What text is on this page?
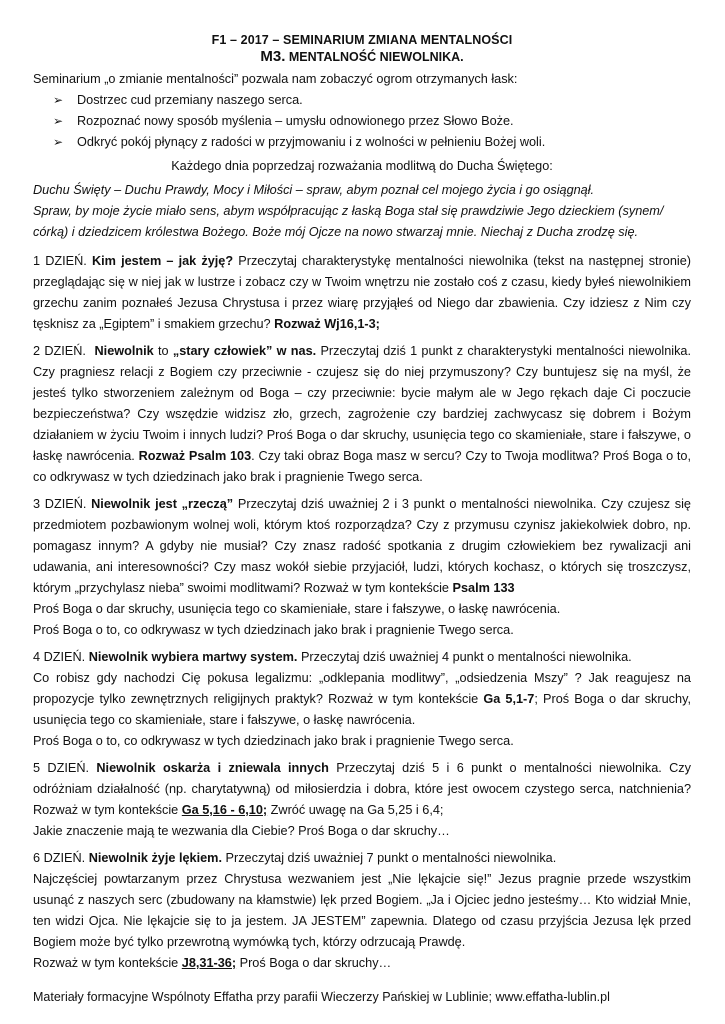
F1 – 2017 – SEMINARIUM ZMIANA MENTALNOŚCI
M3. MENTALNOŚĆ NIEWOLNIKA.
Seminarium „o zmianie mentalności” pozwala nam zobaczyć ogrom otrzymanych łask:
➢	Dostrzec cud przemiany naszego serca.
➢	Rozpoznać nowy sposób myślenia – umysłu odnowionego przez Słowo Boże.
➢	Odkryć pokój płynący z radości w przyjmowaniu i z wolności w pełnieniu Bożej woli.
Każdego dnia poprzedzaj rozważania modlitwą do Ducha Świętego:
Duchu Święty – Duchu Prawdy, Mocy i Miłości – spraw, abym poznał cel mojego życia i go osiągnął.
Spraw, by moje życie miało sens, abym współpracując z łaską Boga stał się prawdziwie Jego dzieckiem (synem/ córką) i dziedzicem królestwa Bożego. Boże mój Ojcze na nowo stwarzaj mnie. Niechaj z Ducha zrodzę się.
1 DZIEŃ. Kim jestem – jak żyję? Przeczytaj charakterystykę mentalności niewolnika (tekst na następnej stronie) przeglądając się w niej jak w lustrze i zobacz czy w Twoim wnętrzu nie zostało coś z czasu, kiedy byłeś niewolnikiem grzechu zanim poznałeś Jezusa Chrystusa i przez wiarę przyjąłeś od Niego dar zbawienia. Czy idziesz z Nim czy tęsknisz za „Egiptem” i smakiem grzechu? Rozważ Wj16,1-3;
2 DZIEŃ. Niewolnik to „stary człowiek” w nas. Przeczytaj dziś 1 punkt z charakterystyki mentalności niewolnika. Czy pragniesz relacji z Bogiem czy przeciwnie - czujesz się do niej przymuszony? Czy buntujesz się na myśl, że jesteś tylko stworzeniem zależnym od Boga – czy przeciwnie: bycie małym ale w Jego rękach daje Ci poczucie bezpieczeństwa? Czy wszędzie widzisz zło, grzech, zagrożenie czy bardziej zachwycasz się dobrem i Bożym działaniem w życiu Twoim i innych ludzi? Proś Boga o dar skruchy, usunięcia tego co skamieniałe, stare i fałszywe, o łaskę nawrócenia. Rozważ Psalm 103. Czy taki obraz Boga masz w sercu? Czy to Twoja modlitwa? Proś Boga o to, co odkrywasz w tych dziedzinach jako brak i pragnienie Twego serca.
3 DZIEŃ. Niewolnik jest „rzeczą” Przeczytaj dziś uważniej 2 i 3 punkt o mentalności niewolnika. Czy czujesz się przedmiotem pozbawionym wolnej woli, którym ktoś rozporządza? Czy z przymusu czynisz jakiekolwiek dobro, np. pomagasz innym? A gdyby nie musiał? Czy znasz radość spotkania z drugim człowiekiem bez rywalizacji ani udawania, ani interesowności? Czy masz wokół siebie przyjaciół, ludzi, których kochasz, o których się troszczysz, którym „przychylasz nieba” swoimi modlitwami? Rozważ w tym kontekście Psalm 133
Proś Boga o dar skruchy, usunięcia tego co skamieniałe, stare i fałszywe, o łaskę nawrócenia.
Proś Boga o to, co odkrywasz w tych dziedzinach jako brak i pragnienie Twego serca.
4 DZIEŃ. Niewolnik wybiera martwy system. Przeczytaj dziś uważniej 4 punkt o mentalności niewolnika.
Co robisz gdy nachodzi Cię pokusa legalizmu: „odklepania modlitwy”, „odsiedzenia Mszy” ? Jak reagujesz na propozycje tylko zewnętrznych religijnych praktyk? Rozważ w tym kontekście Ga 5,1-7; Proś Boga o dar skruchy, usunięcia tego co skamieniałe, stare i fałszywe, o łaskę nawrócenia.
Proś Boga o to, co odkrywasz w tych dziedzinach jako brak i pragnienie Twego serca.
5 DZIEŃ. Niewolnik oskarża i zniewala innych Przeczytaj dziś 5 i 6 punkt o mentalności niewolnika. Czy odróżniam działalność (np. charytatywną) od miłosierdzia i dobra, które jest owocem czystego serca, natchnienia? Rozważ w tym kontekście Ga 5,16 - 6,10; Zwróć uwagę na Ga 5,25 i 6,4;
Jakie znaczenie mają te wezwania dla Ciebie? Proś Boga o dar skruchy…
6 DZIEŃ. Niewolnik żyje lękiem. Przeczytaj dziś uważniej 7 punkt o mentalności niewolnika.
Najczęściej powtarzanym przez Chrystusa wezwaniem jest „Nie lękajcie się!” Jezus pragnie przede wszystkim usunąć z naszych serc (zbudowany na kłamstwie) lęk przed Bogiem. „Ja i Ojciec jedno jesteśmy… Kto widział Mnie, ten widzi Ojca. Nie lękajcie się to ja jestem. JA JESTEM” zapewnia. Dlatego od czasu przyjścia Jezusa lęk przed Bogiem może być tylko przewrotną wymówką tych, którzy odrzucają Prawdę.
Rozważ w tym kontekście J8,31-36; Proś Boga o dar skruchy…
Materiały formacyjne Wspólnoty Effatha przy parafii Wieczerzy Pańskiej w Lublinie; www.effatha-lublin.pl
